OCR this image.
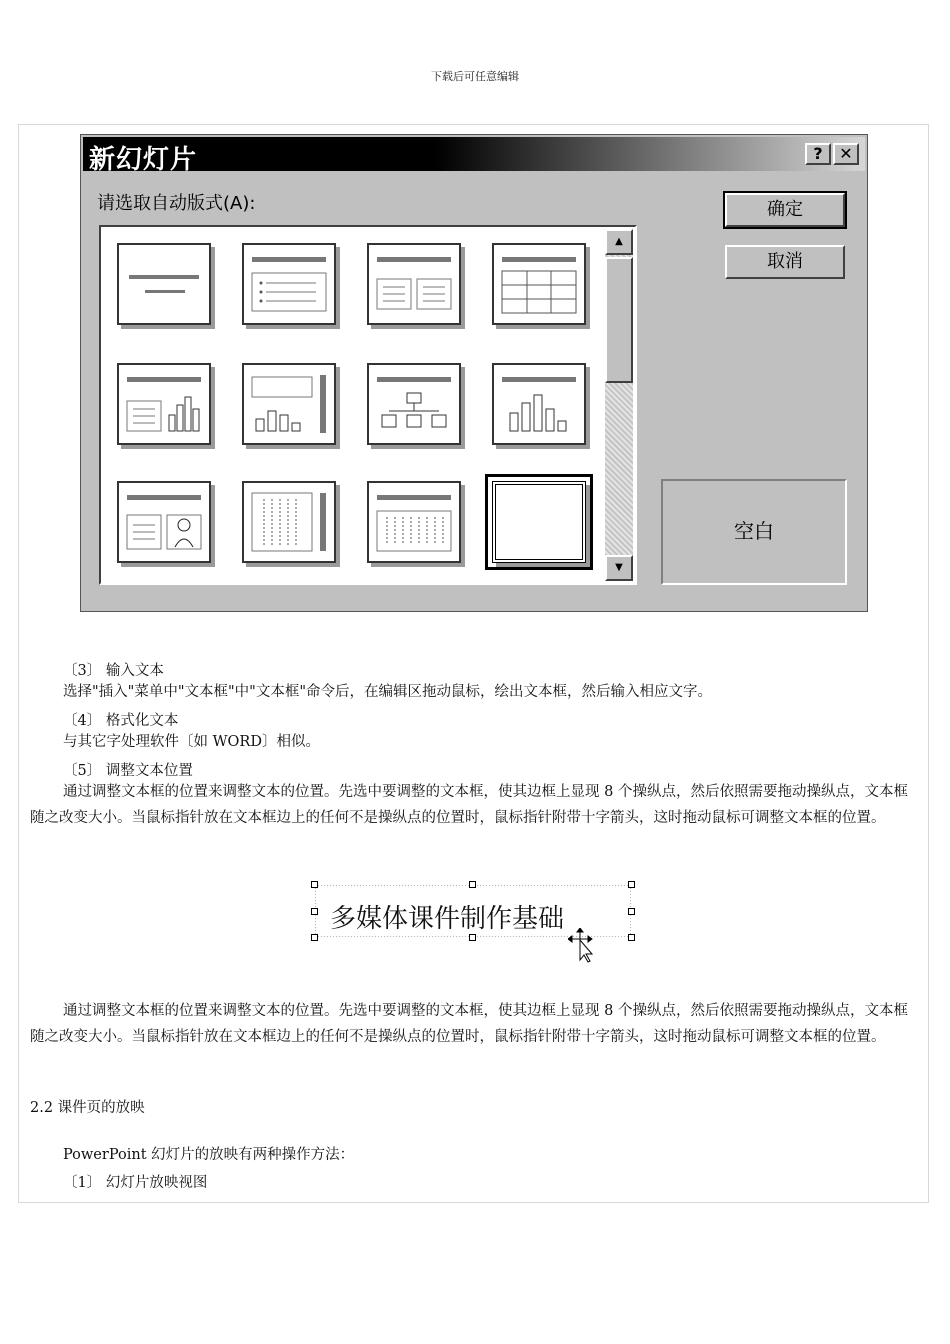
下载后可任意编辑
新幻灯片	?	✕
请选取自动版式(A):
▲
▼
确定
取消
空白
〔3〕 输入文本
选择"插入"菜单中"文本框"中"文本框"命令后，在编辑区拖动鼠标，绘出文本框，然后输入相应文字。
〔4〕 格式化文本
与其它字处理软件〔如 WORD〕相似。
〔5〕 调整文本位置
通过调整文本框的位置来调整文本的位置。先选中要调整的文本框，使其边框上显现 8 个操纵点，然后依照需要拖动操纵点，文本框随之改变大小。当鼠标指针放在文本框边上的任何不是操纵点的位置时，鼠标指针附带十字箭头，这时拖动鼠标可调整文本框的位置。
多媒体课件制作基础
通过调整文本框的位置来调整文本的位置。先选中要调整的文本框，使其边框上显现 8 个操纵点，然后依照需要拖动操纵点，文本框随之改变大小。当鼠标指针放在文本框边上的任何不是操纵点的位置时，鼠标指针附带十字箭头，这时拖动鼠标可调整文本框的位置。
2.2 课件页的放映
PowerPoint 幻灯片的放映有两种操作方法：
〔1〕 幻灯片放映视图
